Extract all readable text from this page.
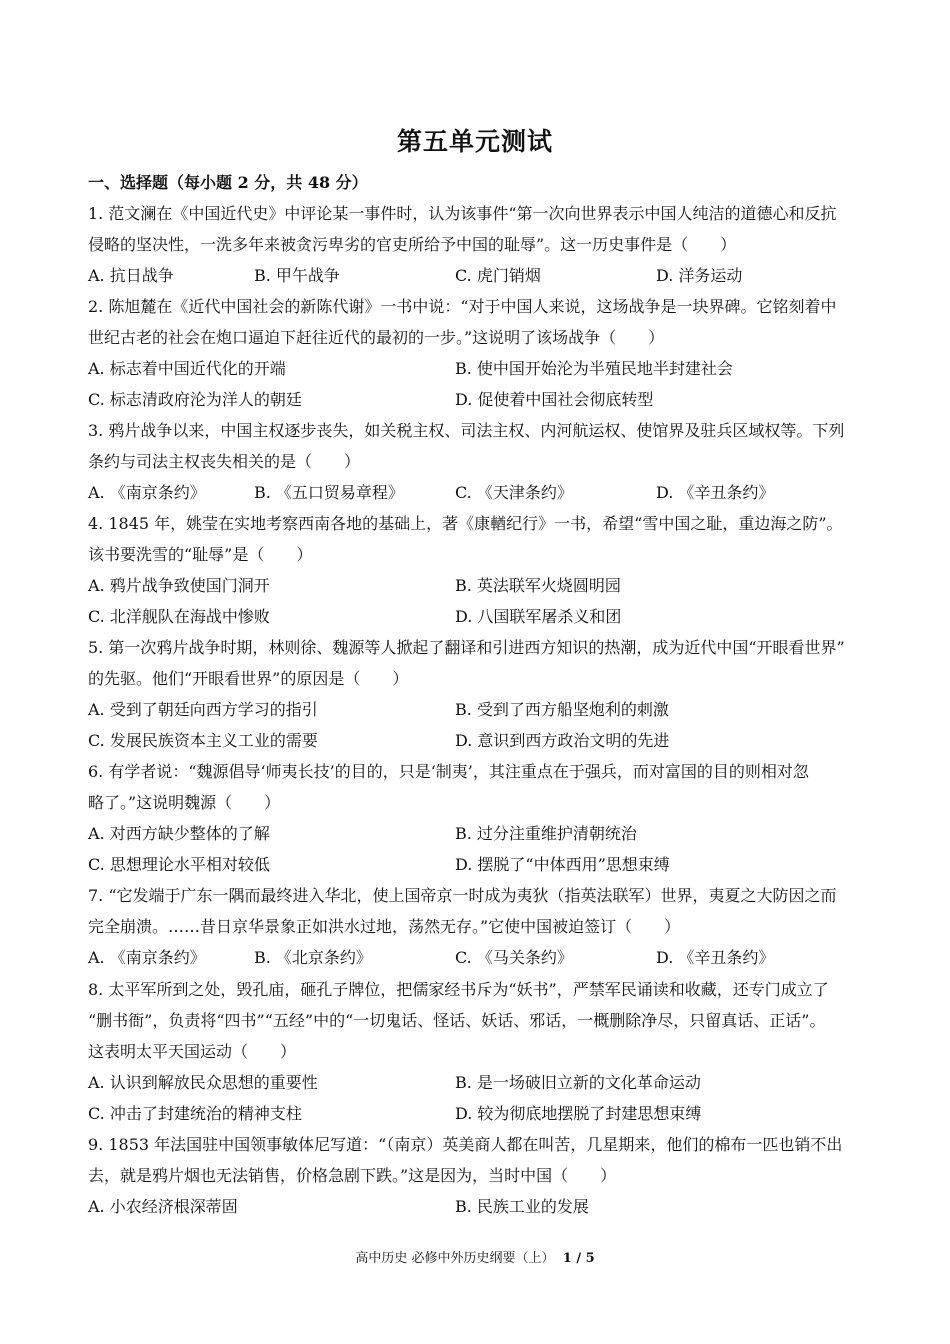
第五单元测试
一、选择题（每小题 2 分，共 48 分）
1. 范文澜在《中国近代史》中评论某一事件时，认为该事件“第一次向世界表示中国人纯洁的道德心和反抗
侵略的坚决性，一洗多年来被贪污卑劣的官吏所给予中国的耻辱”。这一历史事件是（　　）
A. 抗日战争	B. 甲午战争	C. 虎门销烟	D. 洋务运动
2. 陈旭麓在《近代中国社会的新陈代谢》一书中说：“对于中国人来说，这场战争是一块界碑。它铭刻着中
世纪古老的社会在炮口逼迫下赶往近代的最初的一步。”这说明了该场战争（　　）
A. 标志着中国近代化的开端	B. 使中国开始沦为半殖民地半封建社会
C. 标志清政府沦为洋人的朝廷	D. 促使着中国社会彻底转型
3. 鸦片战争以来，中国主权逐步丧失，如关税主权、司法主权、内河航运权、使馆界及驻兵区域权等。下列
条约与司法主权丧失相关的是（　　）
A. 《南京条约》	B. 《五口贸易章程》	C. 《天津条约》	D. 《辛丑条约》
4. 1845 年，姚莹在实地考察西南各地的基础上，著《康輶纪行》一书，希望“雪中国之耻，重边海之防”。
该书要洗雪的“耻辱”是（　　）
A. 鸦片战争致使国门洞开	B. 英法联军火烧圆明园
C. 北洋舰队在海战中惨败	D. 八国联军屠杀义和团
5. 第一次鸦片战争时期，林则徐、魏源等人掀起了翻译和引进西方知识的热潮，成为近代中国“开眼看世界”
的先驱。他们“开眼看世界”的原因是（　　）
A. 受到了朝廷向西方学习的指引	B. 受到了西方船坚炮利的刺激
C. 发展民族资本主义工业的需要	D. 意识到西方政治文明的先进
6. 有学者说：“魏源倡导‘师夷长技’的目的，只是‘制夷’，其注重点在于强兵，而对富国的目的则相对忽
略了。”这说明魏源（　　）
A. 对西方缺少整体的了解	B. 过分注重维护清朝统治
C. 思想理论水平相对较低	D. 摆脱了“中体西用”思想束缚
7. “它发端于广东一隅而最终进入华北，使上国帝京一时成为夷狄（指英法联军）世界，夷夏之大防因之而
完全崩溃。……昔日京华景象正如洪水过地，荡然无存。”它使中国被迫签订（　　）
A. 《南京条约》	B. 《北京条约》	C. 《马关条约》	D. 《辛丑条约》
8. 太平军所到之处，毁孔庙，砸孔子牌位，把儒家经书斥为“妖书”，严禁军民诵读和收藏，还专门成立了
“删书衙”，负责将“四书”“五经”中的“一切鬼话、怪话、妖话、邪话，一概删除净尽，只留真话、正话”。
这表明太平天国运动（　　）
A. 认识到解放民众思想的重要性	B. 是一场破旧立新的文化革命运动
C. 冲击了封建统治的精神支柱	D. 较为彻底地摆脱了封建思想束缚
9. 1853 年法国驻中国领事敏体尼写道：“（南京）英美商人都在叫苦，几星期来，他们的棉布一匹也销不出
去，就是鸦片烟也无法销售，价格急剧下跌。”这是因为，当时中国（　　）
A. 小农经济根深蒂固	B. 民族工业的发展
高中历史 必修中外历史纲要（上） 1 / 5
